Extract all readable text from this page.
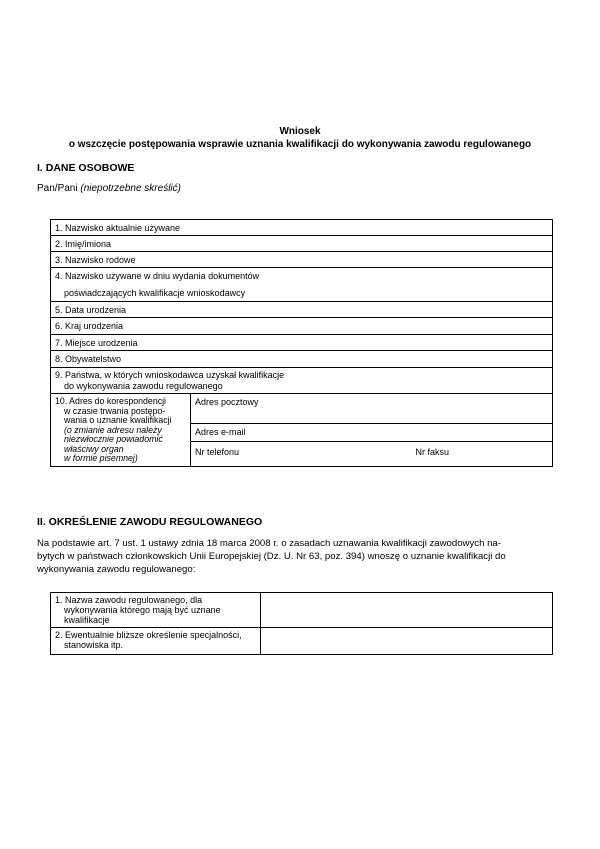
Wniosek
o wszczęcie postępowania wsprawie uznania kwalifikacji do wykonywania zawodu regulowanego
I. DANE OSOBOWE
Pan/Pani (niepotrzebne skreślić)
1. Nazwisko aktualnie używane
2. Imię/imiona
3. Nazwisko rodowe

4. Nazwisko używane w dniu wydania dokumentów
poświadczających kwalifikacje wnioskodawcy

5. Data urodzenia
6. Kraj urodzenia
7. Miejsce urodzenia
8. Obywatelstwo

9. Państwa, w których wnioskodawca uzyskał kwalifikacje
do wykonywania zawodu regulowanego

10. Adres do korespondencji
w czasie trwania postępo-
wania o uznanie kwalifikacji
(o zmianie adresu należy
niezwłocznie powiadomić
właściwy organ
w formie pisemnej)
	Adres pocztowy
Adres e-mail

Nr telefonu	Nr faksu
II. OKREŚLENIE ZAWODU REGULOWANEGO
Na podstawie art. 7 ust. 1 ustawy zdnia 18 marca 2008 r. o zasadach uznawania kwalifikacji zawodowych na-
bytych w państwach członkowskich Unii Europejskiej (Dz. U. Nr 63, poz. 394) wnoszę o uznanie kwalifikacji do
wykonywania zawodu regulowanego:
1. Nazwa zawodu regulowanego, dla
wykonywania którego mają być uznane
kwalifikacje	

2. Ewentualnie bliższe określenie specjalności,
stanowiska itp.	
